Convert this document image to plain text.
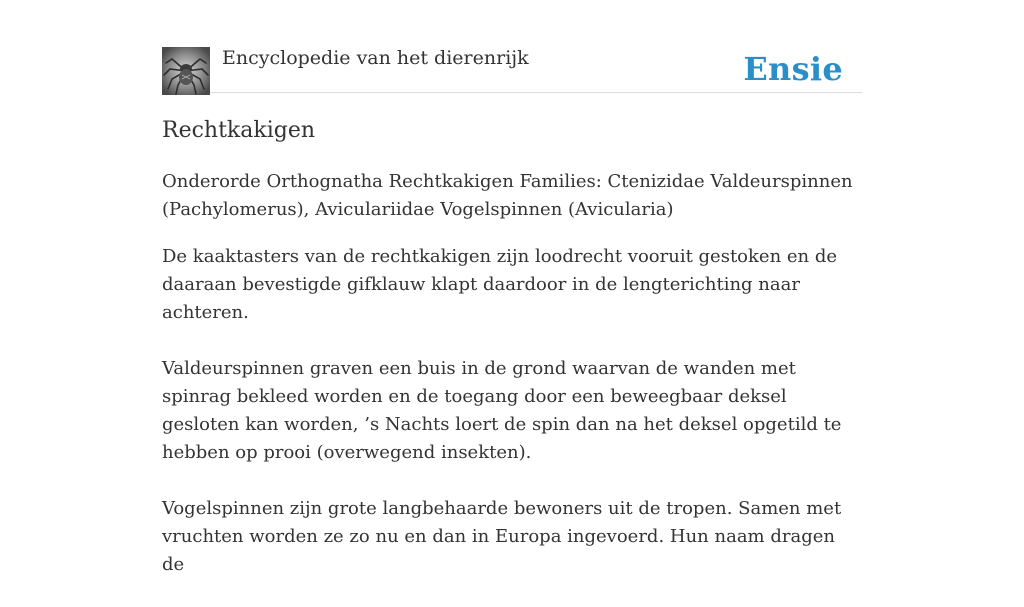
Encyclopedie van het dierenrijk	Ensie
Rechtkakigen
Onderorde Orthognatha Rechtkakigen Families: Ctenizidae Valdeurspinnen (Pachylomerus), Aviculariidae Vogelspinnen (Avicularia)

De kaaktasters van de rechtkakigen zijn loodrecht vooruit gestoken en de daaraan bevestigde gifklauw klapt daardoor in de lengterichting naar achteren.

Valdeurspinnen graven een buis in de grond waarvan de wanden met spinrag bekleed worden en de toegang door een beweegbaar deksel gesloten kan worden, ’s Nachts loert de spin dan na het deksel opgetild te hebben op prooi (overwegend insekten).

Vogelspinnen zijn grote langbehaarde bewoners uit de tropen. Samen met vruchten worden ze zo nu en dan in Europa ingevoerd. Hun naam dragen de
